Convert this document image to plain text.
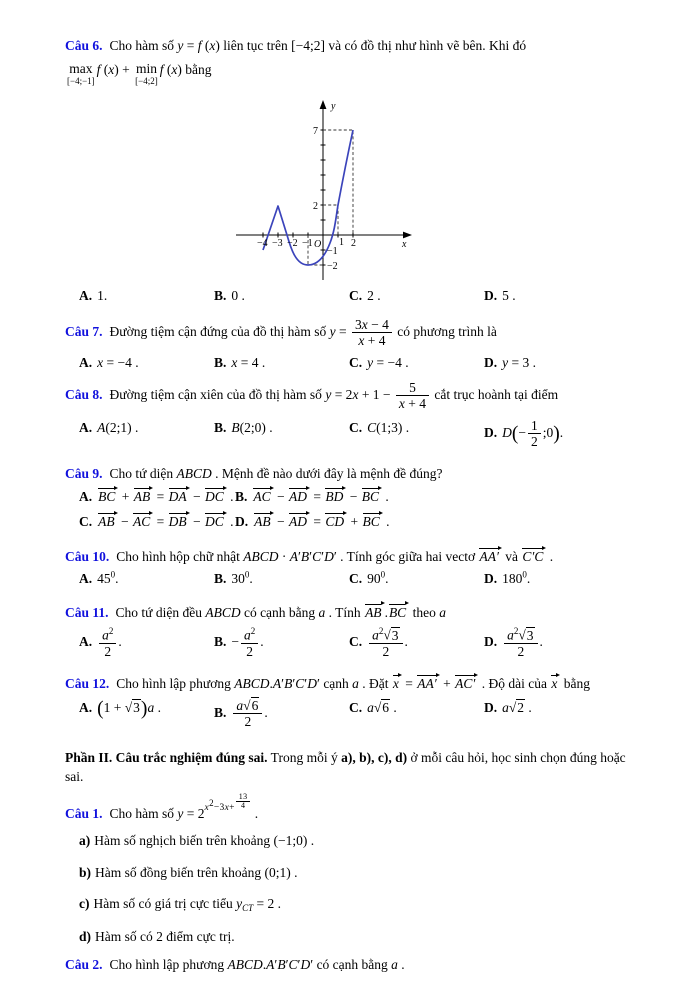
Câu 6. Cho hàm số y = f (x) liên tục trên [−4;2] và có đồ thị như hình vẽ bên. Khi đó
max
[−4;−1]
f (x) + min
[−4;2]
f (x) bằng
y
x
7
2
−1
−2
−4 −3 −2 −1 O 1 2
A. 1.	B. 0 .	C. 2 .	D. 5 .
Câu 7. Đường tiệm cận đứng của đồ thị hàm số $y = \frac{3x - 4}{x + 4}$ có phương trình là
A. x = −4 .	B. x = 4 .	C. y = −4 .	D. y = 3 .
Câu 8. Đường tiệm cận xiên của đồ thị hàm số $y = 2x + 1 - \frac{5}{x + 4}$ cắt trục hoành tại điểm
A. A(2;1) .	B. B(2;0) .	C. C(1;3) .	D. $D(- \frac{1}{2}$ ;0).
Câu 9. Cho tứ diện ABCD . Mệnh đề nào dưới đây là mệnh đề đúng?
A. BC + AB = DA − DC . B. AC − AD = BD − BC .
C. AB − AC = DB − DC . D. AB − AD = CD + BC .
Câu 10. Cho hình hộp chữ nhật ABCD · A′B′C′D′ . Tính góc giữa hai vectơ AA′ và C′C .
A. $45^0$.	B. $30^0$.	C. $90^0$.	D. $180^0$.
Câu 11. Cho tứ diện đều ABCD có cạnh bằng a . Tính AB .BC theo a
A. $\frac{a^2}{2}$ .	B. − $\frac{a^2}{2}$ .	C. $\frac{a^2√3}{2}$ .	D. $\frac{a^2√3}{2}$ .
Câu 12. Cho hình lập phương ABCD.A′B′C′D′ cạnh a . Đặt x = AA′ + AC′ . Độ dài của x bằng
A. (1 + √3)a .	B. $\frac{a√6}{2}$ .	C. a√6 .	D. a√2 .
Phần II. Câu trắc nghiệm đúng sai. Trong mỗi ý a), b), c), d) ở mỗi câu hỏi, học sinh chọn đúng hoặc
sai.
Câu 1. Cho hàm số $y = 2^{x^2-3x+ \frac{13}{4}}$
.
a) Hàm số nghịch biến trên khoảng (−1;0) .
b) Hàm số đồng biến trên khoảng (0;1) .
c) Hàm số có giá trị cực tiểu $y_{CT} = 2$ .
d) Hàm số có 2 điểm cực trị.
Câu 2. Cho hình lập phương ABCD.A′B′C′D′ có cạnh bằng a .
